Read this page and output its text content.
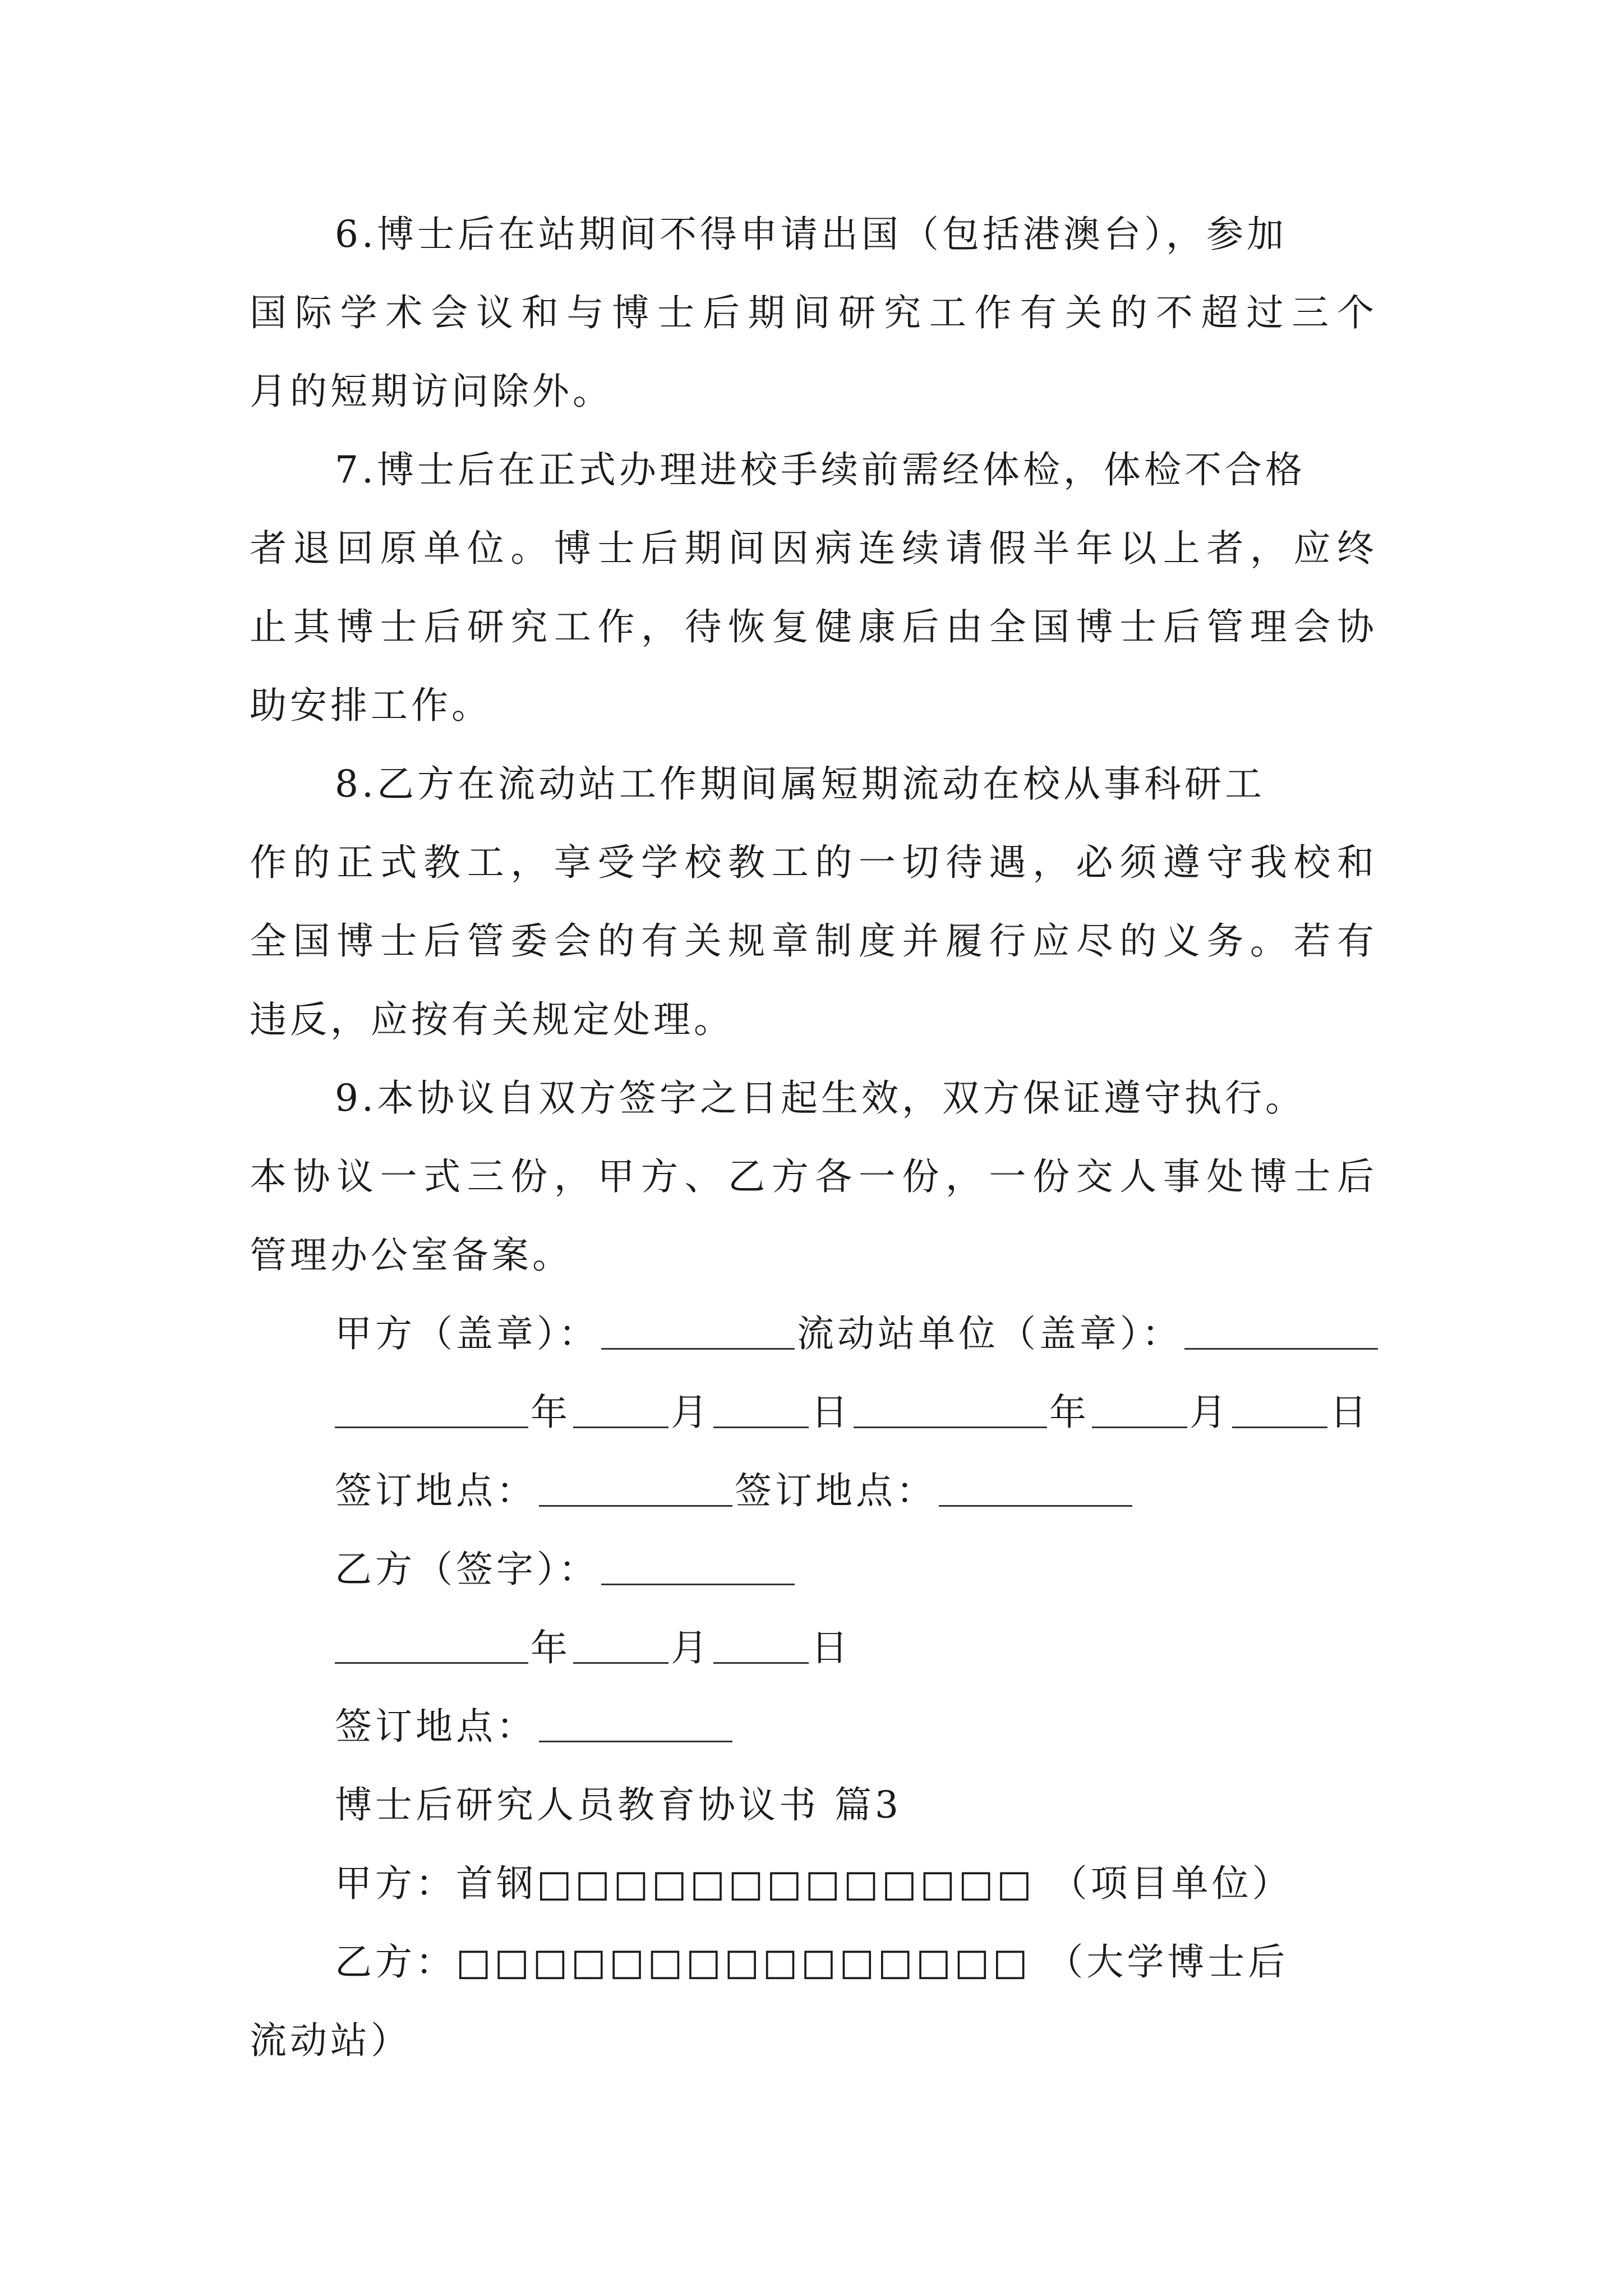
6.博士后在站期间不得申请出国（包括港澳台），参加
国际学术会议和与博士后期间研究工作有关的不超过三个
月的短期访问除外。
7.博士后在正式办理进校手续前需经体检，体检不合格
者退回原单位。博士后期间因病连续请假半年以上者，应终
止其博士后研究工作，待恢复健康后由全国博士后管理会协
助安排工作。
8.乙方在流动站工作期间属短期流动在校从事科研工
作的正式教工，享受学校教工的一切待遇，必须遵守我校和
全国博士后管委会的有关规章制度并履行应尽的义务。若有
违反，应按有关规定处理。
9.本协议自双方签字之日起生效，双方保证遵守执行。
本协议一式三份，甲方、乙方各一份，一份交人事处博士后
管理办公室备案。
甲方（盖章）：	流动站单位（盖章）：
年	月	日	年	月	日
签订地点：	签订地点：
乙方（签字）：
年	月	日
签订地点：
博士后研究人员教育协议书 篇3
甲方：首钢□□□□□□□□□□□□□ （项目单位）
乙方：□□□□□□□□□□□□□□□ （大学博士后
流动站）
